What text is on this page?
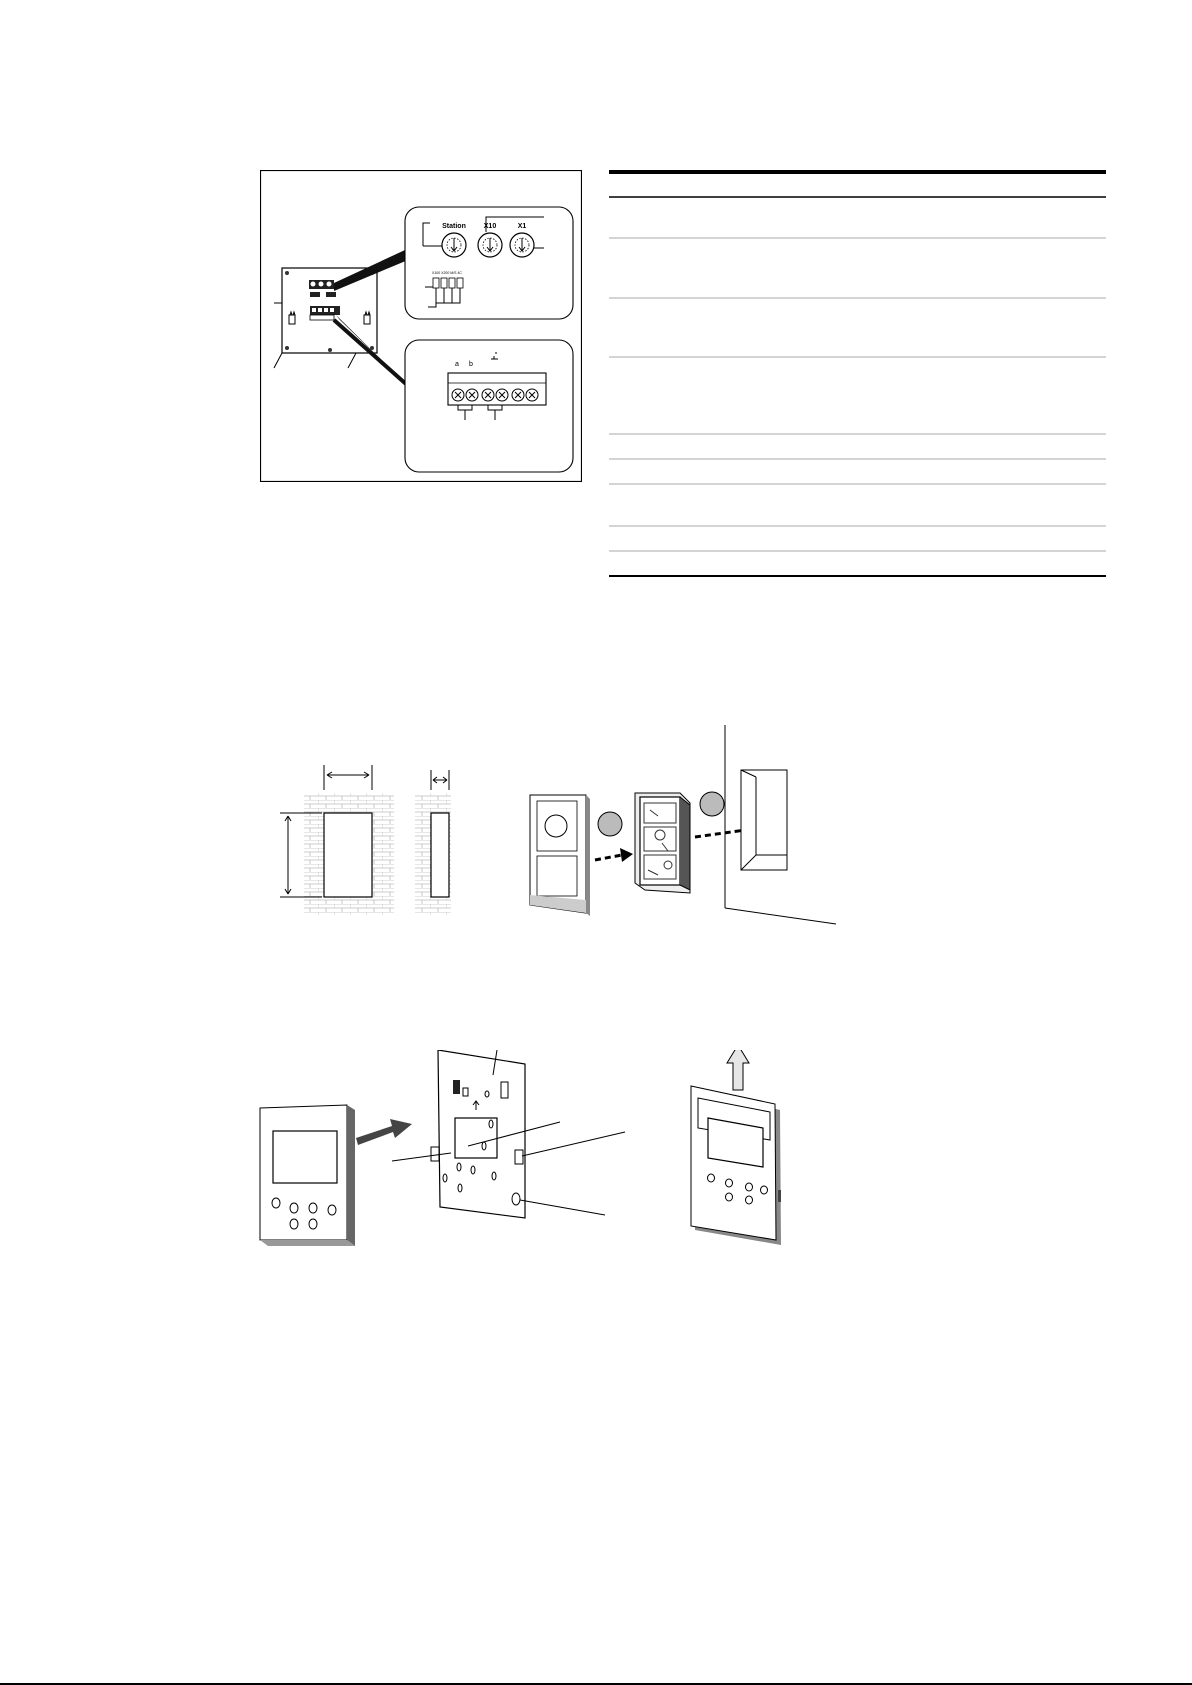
Station	X10	X1
X100 X200 M/S 4C
a b
